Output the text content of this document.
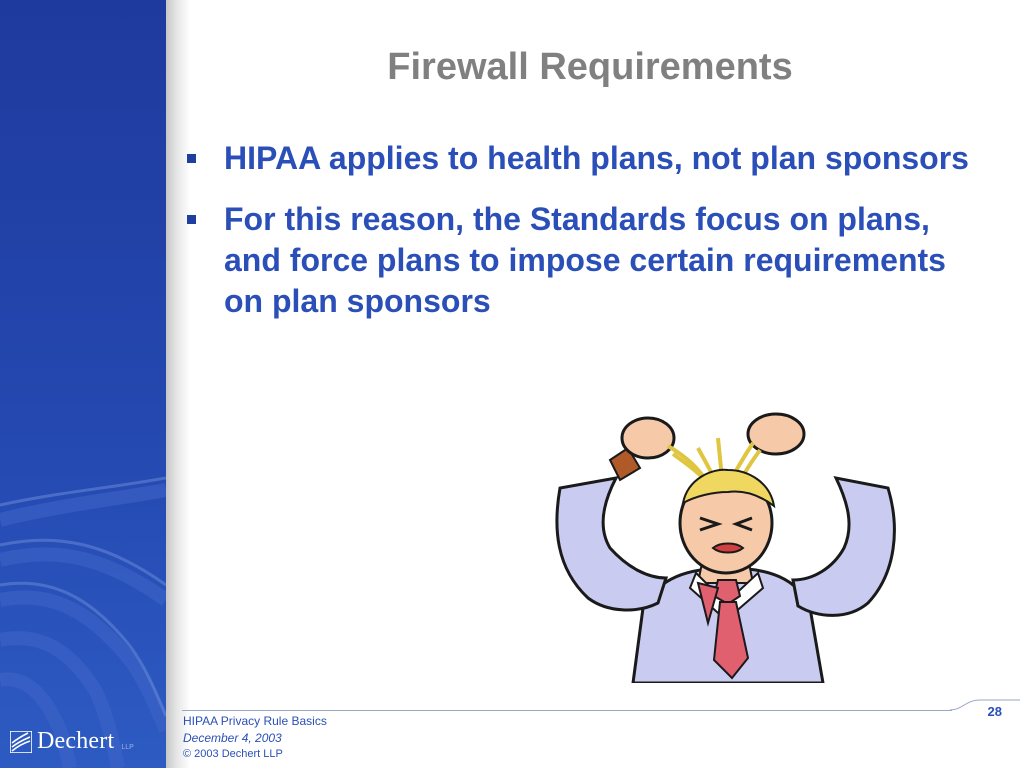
Dechert LLP
Firewall Requirements
HIPAA applies to health plans, not plan sponsors
For this reason, the Standards focus on plans, and force plans to impose certain requirements on plan sponsors
28
HIPAA Privacy Rule Basics
December 4, 2003
© 2003 Dechert LLP
